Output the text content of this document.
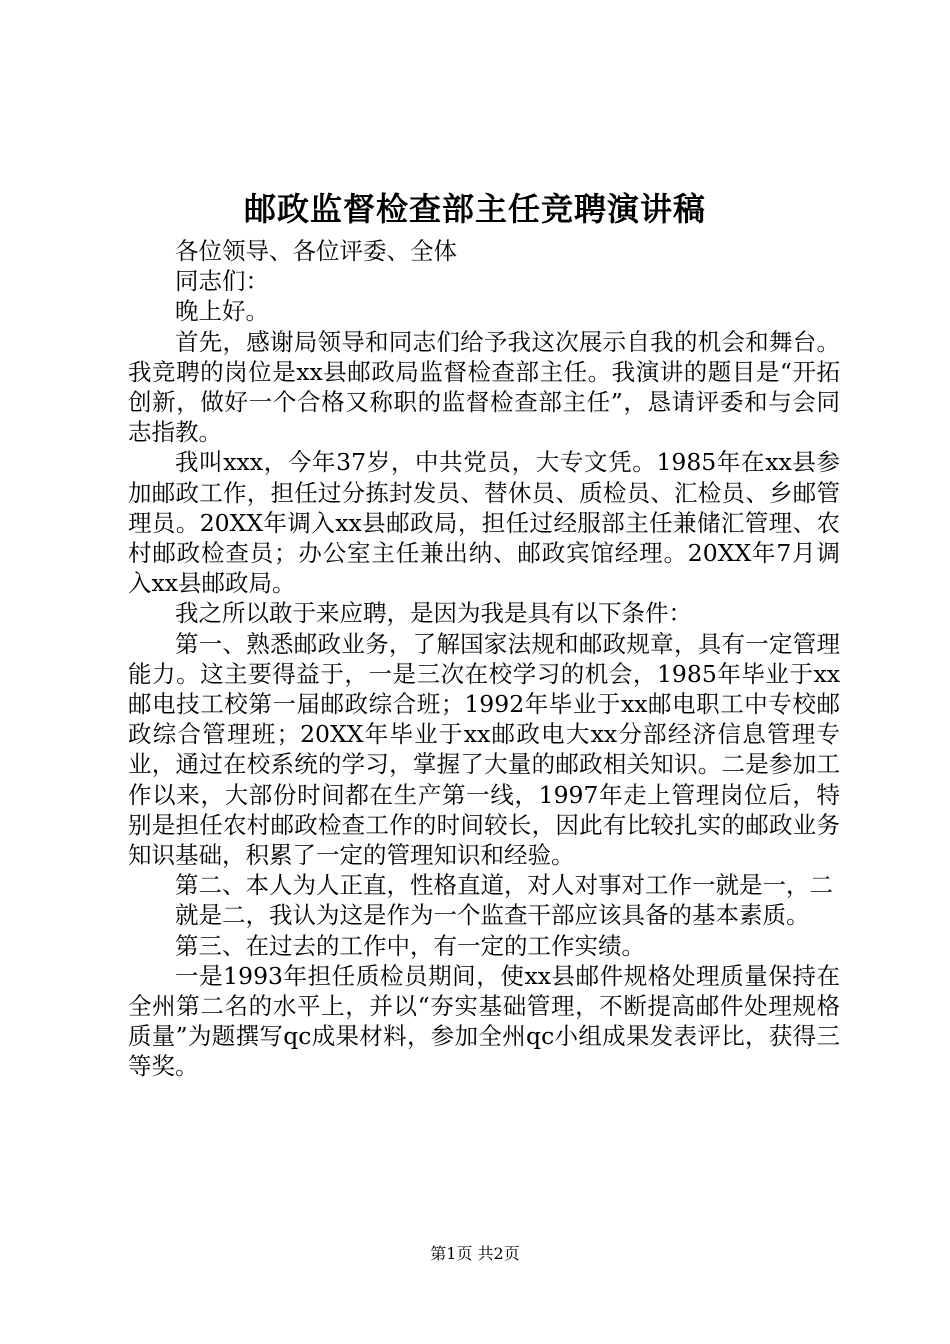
邮政监督检查部主任竞聘演讲稿

各位领导、各位评委、全体

同志们：

晚上好。

首先，感谢局领导和同志们给予我这次展示自我的机会和舞台。我竞聘的岗位是xx县邮政局监督检查部主任。我演讲的题目是“开拓创新，做好一个合格又称职的监督检查部主任”，恳请评委和与会同志指教。

我叫xxx，今年37岁，中共党员，大专文凭。1985年在xx县参加邮政工作，担任过分拣封发员、替休员、质检员、汇检员、乡邮管理员。20XX年调入xx县邮政局，担任过经服部主任兼储汇管理、农村邮政检查员；办公室主任兼出纳、邮政宾馆经理。20XX年7月调入xx县邮政局。

我之所以敢于来应聘，是因为我是具有以下条件：

第一、熟悉邮政业务，了解国家法规和邮政规章，具有一定管理能力。这主要得益于，一是三次在校学习的机会，1985年毕业于xx邮电技工校第一届邮政综合班；1992年毕业于xx邮电职工中专校邮政综合管理班；20XX年毕业于xx邮政电大xx分部经济信息管理专业，通过在校系统的学习，掌握了大量的邮政相关知识。二是参加工作以来，大部份时间都在生产第一线，1997年走上管理岗位后，特别是担任农村邮政检查工作的时间较长，因此有比较扎实的邮政业务知识基础，积累了一定的管理知识和经验。

第二、本人为人正直，性格直道，对人对事对工作一就是一，二

就是二，我认为这是作为一个监查干部应该具备的基本素质。

第三、在过去的工作中，有一定的工作实绩。

一是1993年担任质检员期间，使xx县邮件规格处理质量保持在全州第二名的水平上，并以“夯实基础管理，不断提高邮件处理规格质量”为题撰写qc成果材料，参加全州qc小组成果发表评比，获得三等奖。

第1页 共2页
